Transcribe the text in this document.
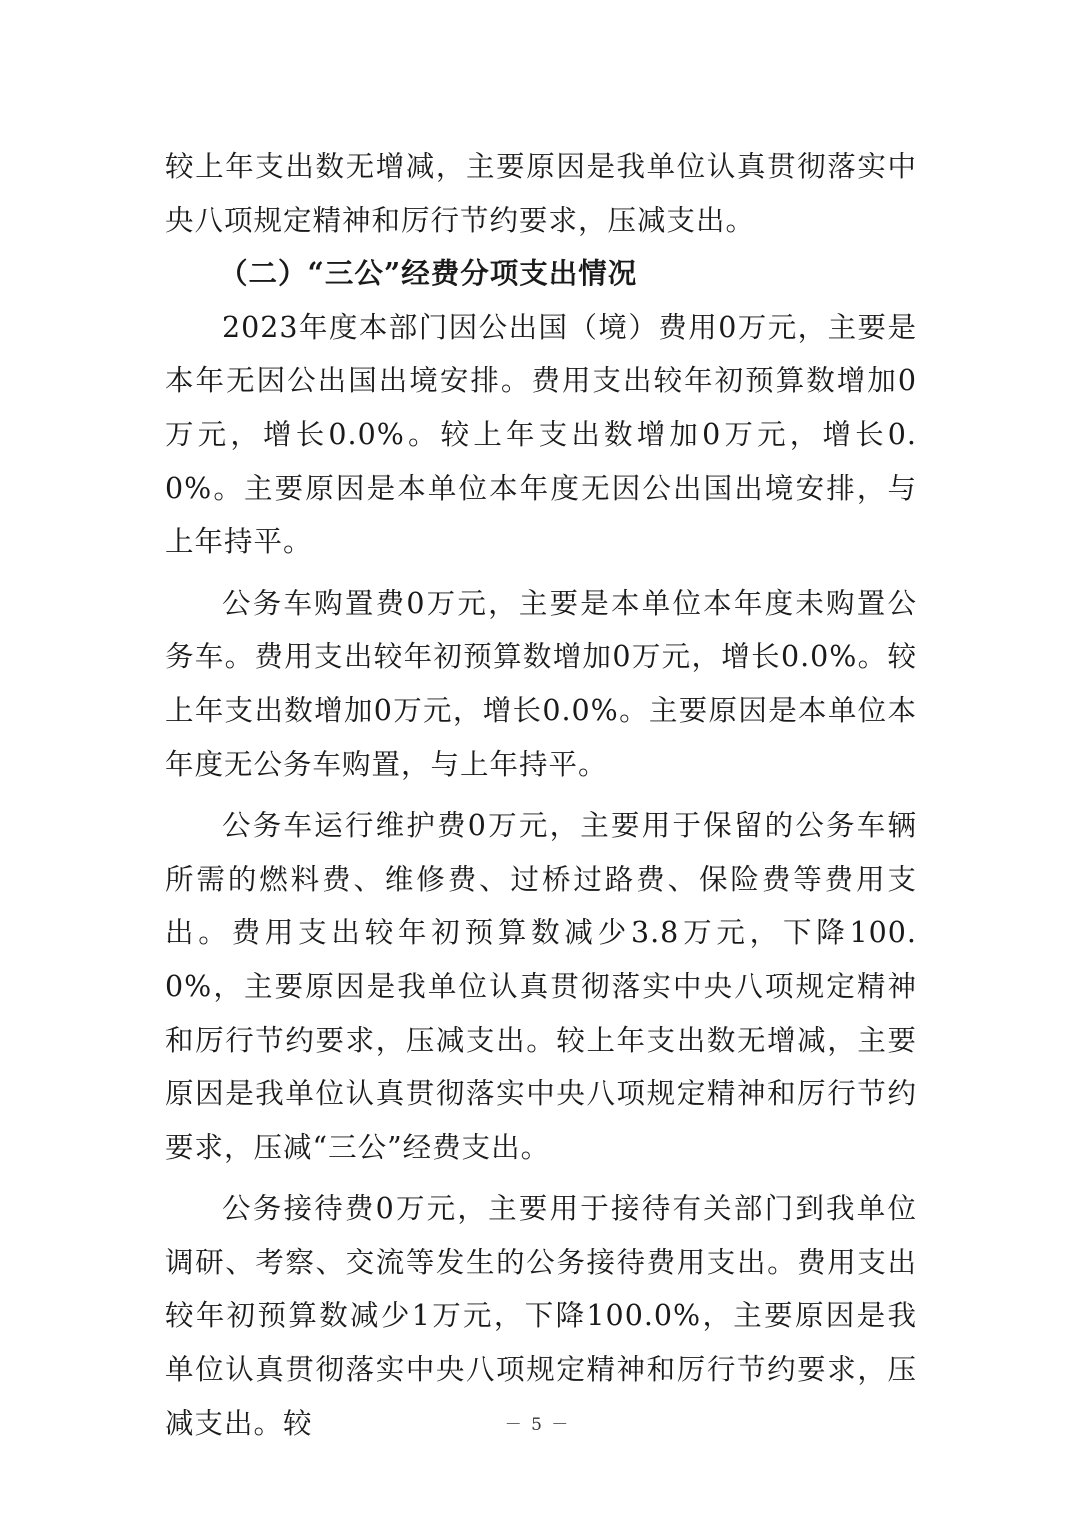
较上年支出数无增减，主要原因是我单位认真贯彻落实中央八项规定精神和厉行节约要求，压减支出。

（二）“三公”经费分项支出情况

2023年度本部门因公出国（境）费用0万元，主要是本年无因公出国出境安排。费用支出较年初预算数增加0万元，增长0.0%。较上年支出数增加0万元，增长0.0%。主要原因是本单位本年度无因公出国出境安排，与上年持平。

公务车购置费0万元，主要是本单位本年度未购置公务车。费用支出较年初预算数增加0万元，增长0.0%。较上年支出数增加0万元，增长0.0%。主要原因是本单位本年度无公务车购置，与上年持平。

公务车运行维护费0万元，主要用于保留的公务车辆所需的燃料费、维修费、过桥过路费、保险费等费用支出。费用支出较年初预算数减少3.8万元，下降100.0%，主要原因是我单位认真贯彻落实中央八项规定精神和厉行节约要求，压减支出。较上年支出数无增减，主要原因是我单位认真贯彻落实中央八项规定精神和厉行节约要求，压减“三公”经费支出。

公务接待费0万元，主要用于接待有关部门到我单位调研、考察、交流等发生的公务接待费用支出。费用支出较年初预算数减少1万元，下降100.0%，主要原因是我单位认真贯彻落实中央八项规定精神和厉行节约要求，压减支出。较	－ 5 －
